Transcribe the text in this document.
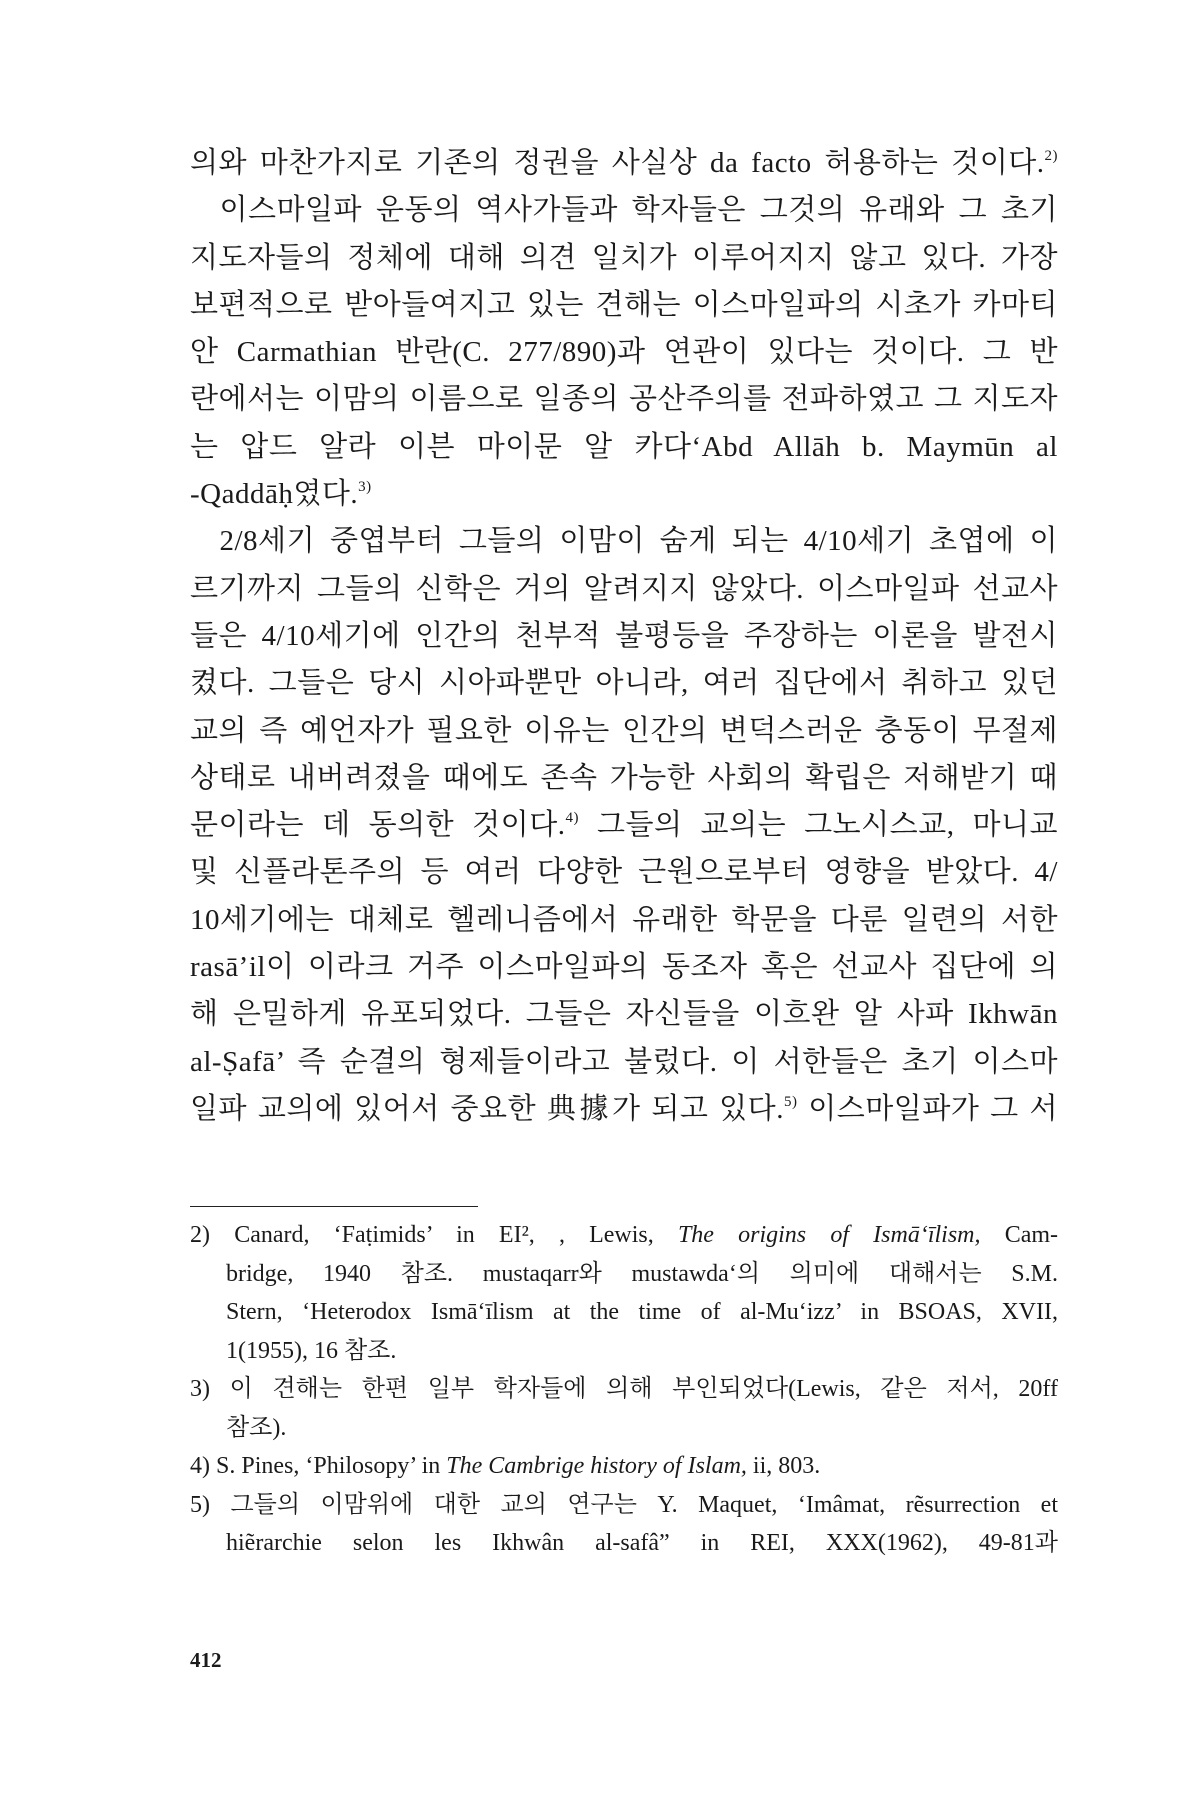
의와 마찬가지로 기존의 정권을 사실상 da facto 허용하는 것이다.$^{2)}$
 이스마일파 운동의 역사가들과 학자들은 그것의 유래와 그 초기
지도자들의 정체에 대해 의견 일치가 이루어지지 않고 있다. 가장
보편적으로 받아들여지고 있는 견해는 이스마일파의 시초가 카마티
안 Carmathian 반란(C. 277/890)과 연관이 있다는 것이다. 그 반
란에서는 이맘의 이름으로 일종의 공산주의를 전파하였고 그 지도자
는 압드 알라 이븐 마이문 알 카다‘Abd Allāh b. Maymūn al
-Qaddāḥ였다.$^{3)}$
 2/8세기 중엽부터 그들의 이맘이 숨게 되는 4/10세기 초엽에 이
르기까지 그들의 신학은 거의 알려지지 않았다. 이스마일파 선교사
들은 4/10세기에 인간의 천부적 불평등을 주장하는 이론을 발전시
켰다. 그들은 당시 시아파뿐만 아니라, 여러 집단에서 취하고 있던
교의 즉 예언자가 필요한 이유는 인간의 변덕스러운 충동이 무절제
상태로 내버려졌을 때에도 존속 가능한 사회의 확립은 저해받기 때
문이라는 데 동의한 것이다.$^{4)}$ 그들의 교의는 그노시스교, 마니교
및 신플라톤주의 등 여러 다양한 근원으로부터 영향을 받았다. 4/
10세기에는 대체로 헬레니즘에서 유래한 학문을 다룬 일련의 서한
rasā’il이 이라크 거주 이스마일파의 동조자 혹은 선교사 집단에 의
해 은밀하게 유포되었다. 그들은 자신들을 이흐완 알 사파 Ikhwān
al-Ṣafā’ 즉 순결의 형제들이라고 불렀다. 이 서한들은 초기 이스마
일파 교의에 있어서 중요한 典據가 되고 있다.$^{5)}$ 이스마일파가 그 서
2) Canard, ‘Faṭimids’ in EI², , Lewis, The origins of Ismā‘īlism, Cam-
bridge, 1940 참조. mustaqarr와 mustawda‘의 의미에 대해서는 S.M.
Stern, ‘Heterodox Ismā‘īlism at the time of al-Mu‘izz’ in BSOAS, XVII,
1(1955), 16 참조.
3) 이 견해는 한편 일부 학자들에 의해 부인되었다(Lewis, 같은 저서, 20ff
참조).
4) S. Pines, ‘Philosopy’ in The Cambrige history of Islam, ii, 803.
5) 그들의 이맘위에 대한 교의 연구는 Y. Maquet, ‘Imâmat, rẽsurrection et
hiẽrarchie selon les Ikhwân al-safâ” in REI, XXX(1962), 49-81과
412
